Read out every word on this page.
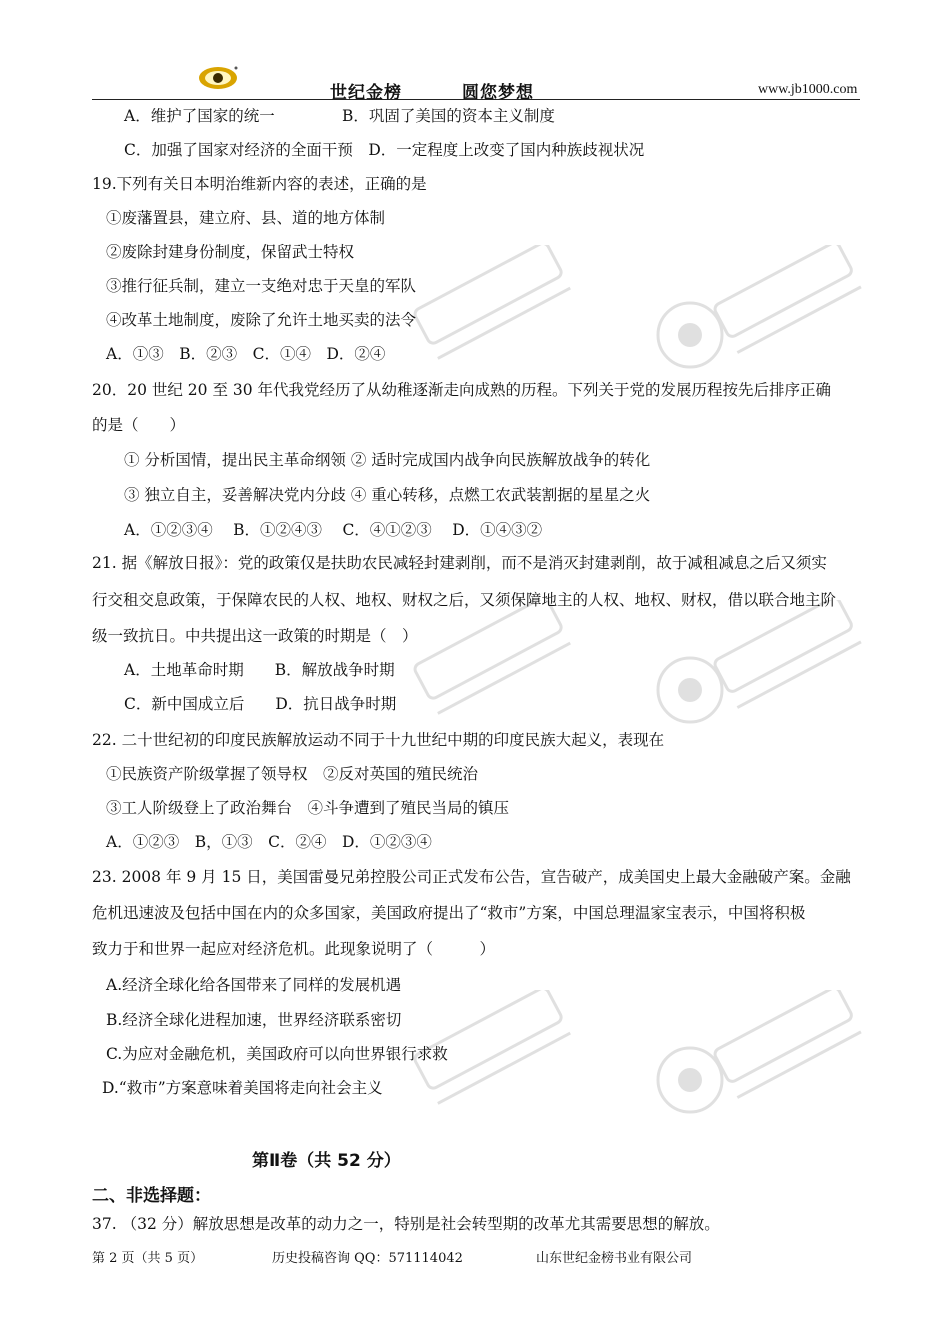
世纪金榜	圆您梦想	www.jb1000.com
A．维护了国家的统一	B．巩固了美国的资本主义制度
C．加强了国家对经济的全面干预　D．一定程度上改变了国内种族歧视状况
19.下列有关日本明治维新内容的表述，正确的是
①废藩置县，建立府、县、道的地方体制
②废除封建身份制度，保留武士特权
③推行征兵制，建立一支绝对忠于天皇的军队
④改革土地制度，废除了允许土地买卖的法令
A．①③　B．②③　C．①④　D．②④
20．20 世纪 20 至 30 年代我党经历了从幼稚逐渐走向成熟的历程。下列关于党的发展历程按先后排序正确
的是（　　）
① 分析国情，提出民主革命纲领 ② 适时完成国内战争向民族解放战争的转化
③ 独立自主，妥善解决党内分歧 ④ 重心转移，点燃工农武装割据的星星之火
A．①②③④　 B．①②④③　 C．④①②③　 D．①④③②
21. 据《解放日报》：党的政策仅是扶助农民减轻封建剥削，而不是消灭封建剥削，故于减租减息之后又须实
行交租交息政策，于保障农民的人权、地权、财权之后，又须保障地主的人权、地权、财权，借以联合地主阶
级一致抗日。中共提出这一政策的时期是（　）
A．土地革命时期　　B．解放战争时期
C．新中国成立后　　D．抗日战争时期
22. 二十世纪初的印度民族解放运动不同于十九世纪中期的印度民族大起义，表现在
①民族资产阶级掌握了领导权　②反对英国的殖民统治
③工人阶级登上了政治舞台　④斗争遭到了殖民当局的镇压
A．①②③　B，①③　C．②④　D．①②③④
23. 2008 年 9 月 15 日，美国雷曼兄弟控股公司正式发布公告，宣告破产，成美国史上最大金融破产案。金融
危机迅速波及包括中国在内的众多国家，美国政府提出了“救市”方案，中国总理温家宝表示，中国将积极
致力于和世界一起应对经济危机。此现象说明了（　　　）
A.经济全球化给各国带来了同样的发展机遇
B.经济全球化进程加速，世界经济联系密切
C.为应对金融危机，美国政府可以向世界银行求救
D.“救市”方案意味着美国将走向社会主义
第Ⅱ卷（共 52 分）
二、非选择题：
37. （32 分）解放思想是改革的动力之一，特别是社会转型期的改革尤其需要思想的解放。
第 2 页（共 5 页）	历史投稿咨询 QQ：571114042	山东世纪金榜书业有限公司
